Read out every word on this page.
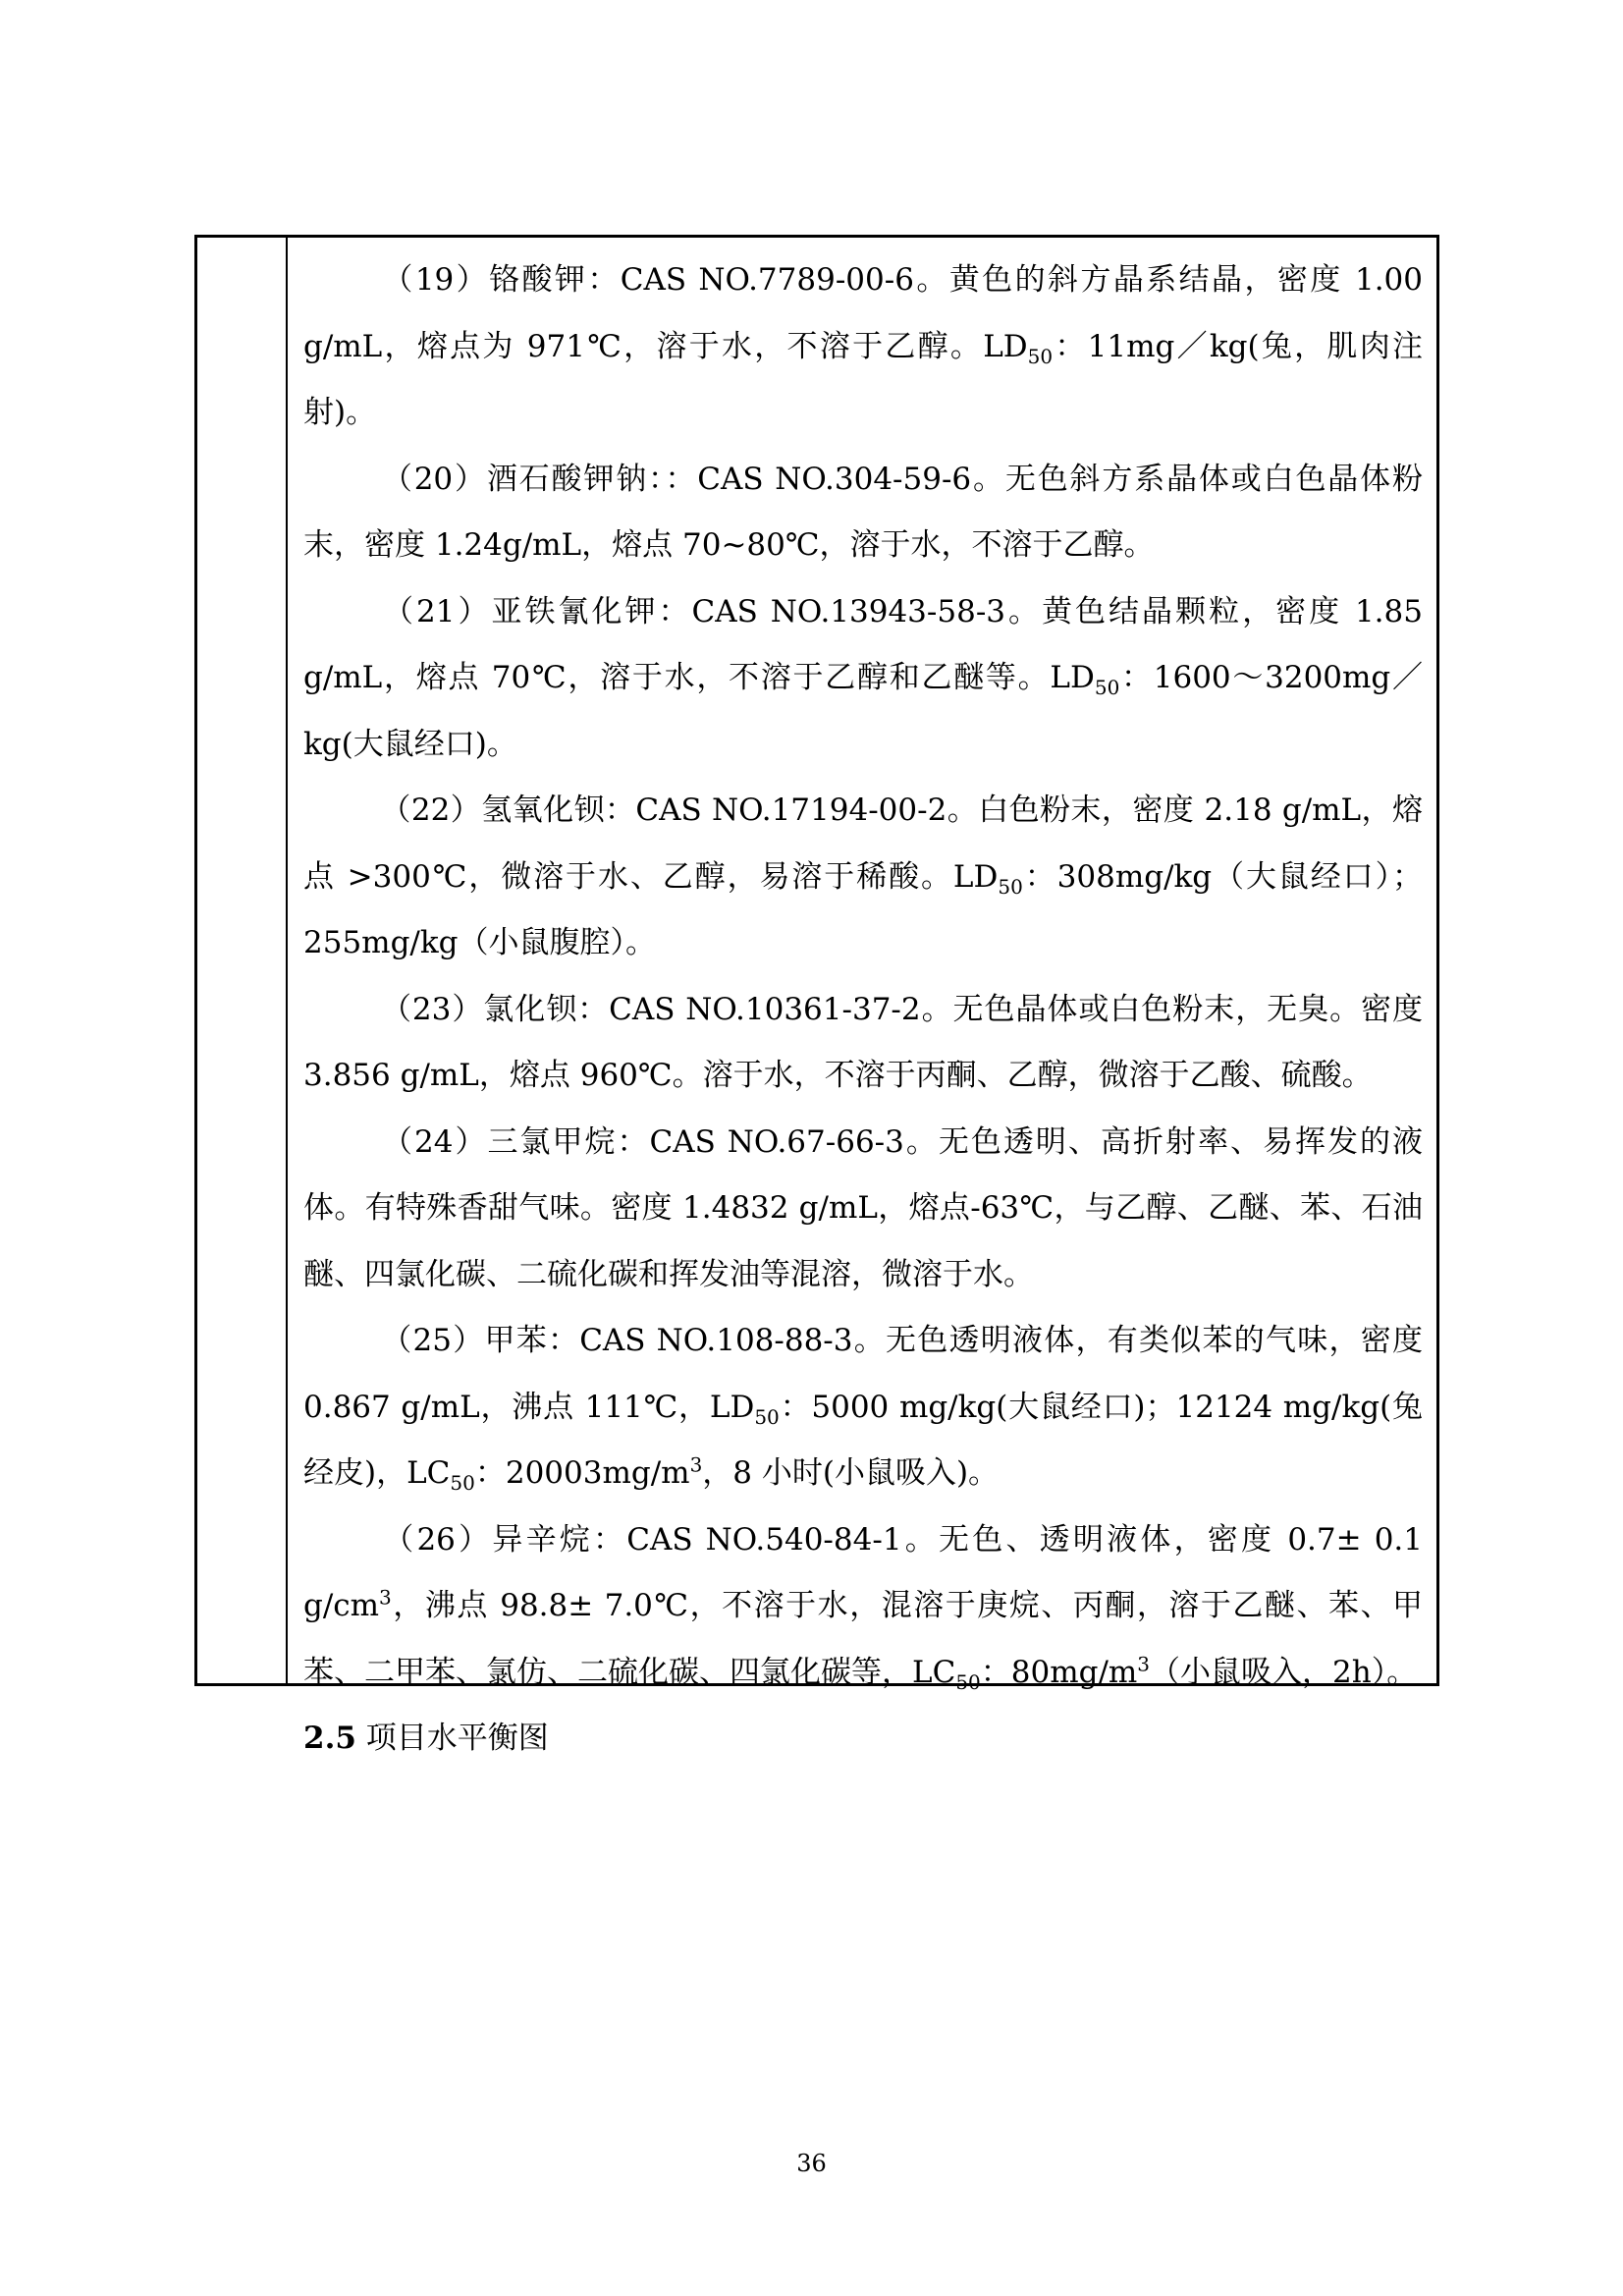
（19）铬酸钾：CAS NO.7789-00-6。黄色的斜方晶系结晶，密度 1.00 g/mL，熔点为 971℃，溶于水，不溶于乙醇。$LD_{50}$：11mg／kg(兔，肌肉注射)。

（20）酒石酸钾钠：：CAS NO.304-59-6。无色斜方系晶体或白色晶体粉末，密度 1.24g/mL，熔点 70~80℃，溶于水，不溶于乙醇。

（21）亚铁氰化钾：CAS NO.13943-58-3。黄色结晶颗粒，密度 1.85 g/mL，熔点 70℃，溶于水，不溶于乙醇和乙醚等。$LD_{50}$：1600～3200mg／kg(大鼠经口)。

（22）氢氧化钡：CAS NO.17194-00-2。白色粉末，密度 2.18 g/mL，熔点 >300℃，微溶于水、乙醇，易溶于稀酸。$LD_{50}$：308mg/kg（大鼠经口）；255mg/kg（小鼠腹腔）。

（23）氯化钡：CAS NO.10361-37-2。无色晶体或白色粉末，无臭。密度 3.856 g/mL，熔点 960℃。溶于水，不溶于丙酮、乙醇，微溶于乙酸、硫酸。

（24）三氯甲烷：CAS NO.67-66-3。无色透明、高折射率、易挥发的液体。有特殊香甜气味。密度 1.4832 g/mL，熔点-63℃，与乙醇、乙醚、苯、石油醚、四氯化碳、二硫化碳和挥发油等混溶，微溶于水。

（25）甲苯：CAS NO.108-88-3。无色透明液体，有类似苯的气味，密度 0.867 g/mL，沸点 111℃，$LD_{50}$：5000 mg/kg(大鼠经口)；12124 mg/kg(兔经皮)，$LC_{50}$：$20003mg/m^3$，8 小时(小鼠吸入)。

（26）异辛烷：CAS NO.540-84-1。无色、透明液体，密度 0.7± 0.1 $g/cm^3$，沸点 98.8± 7.0℃，不溶于水，混溶于庚烷、丙酮，溶于乙醚、苯、甲苯、二甲苯、氯仿、二硫化碳、四氯化碳等，$LC_{50}$：$80mg/m^3$（小鼠吸入，2h）。

2.5 项目水平衡图

36
